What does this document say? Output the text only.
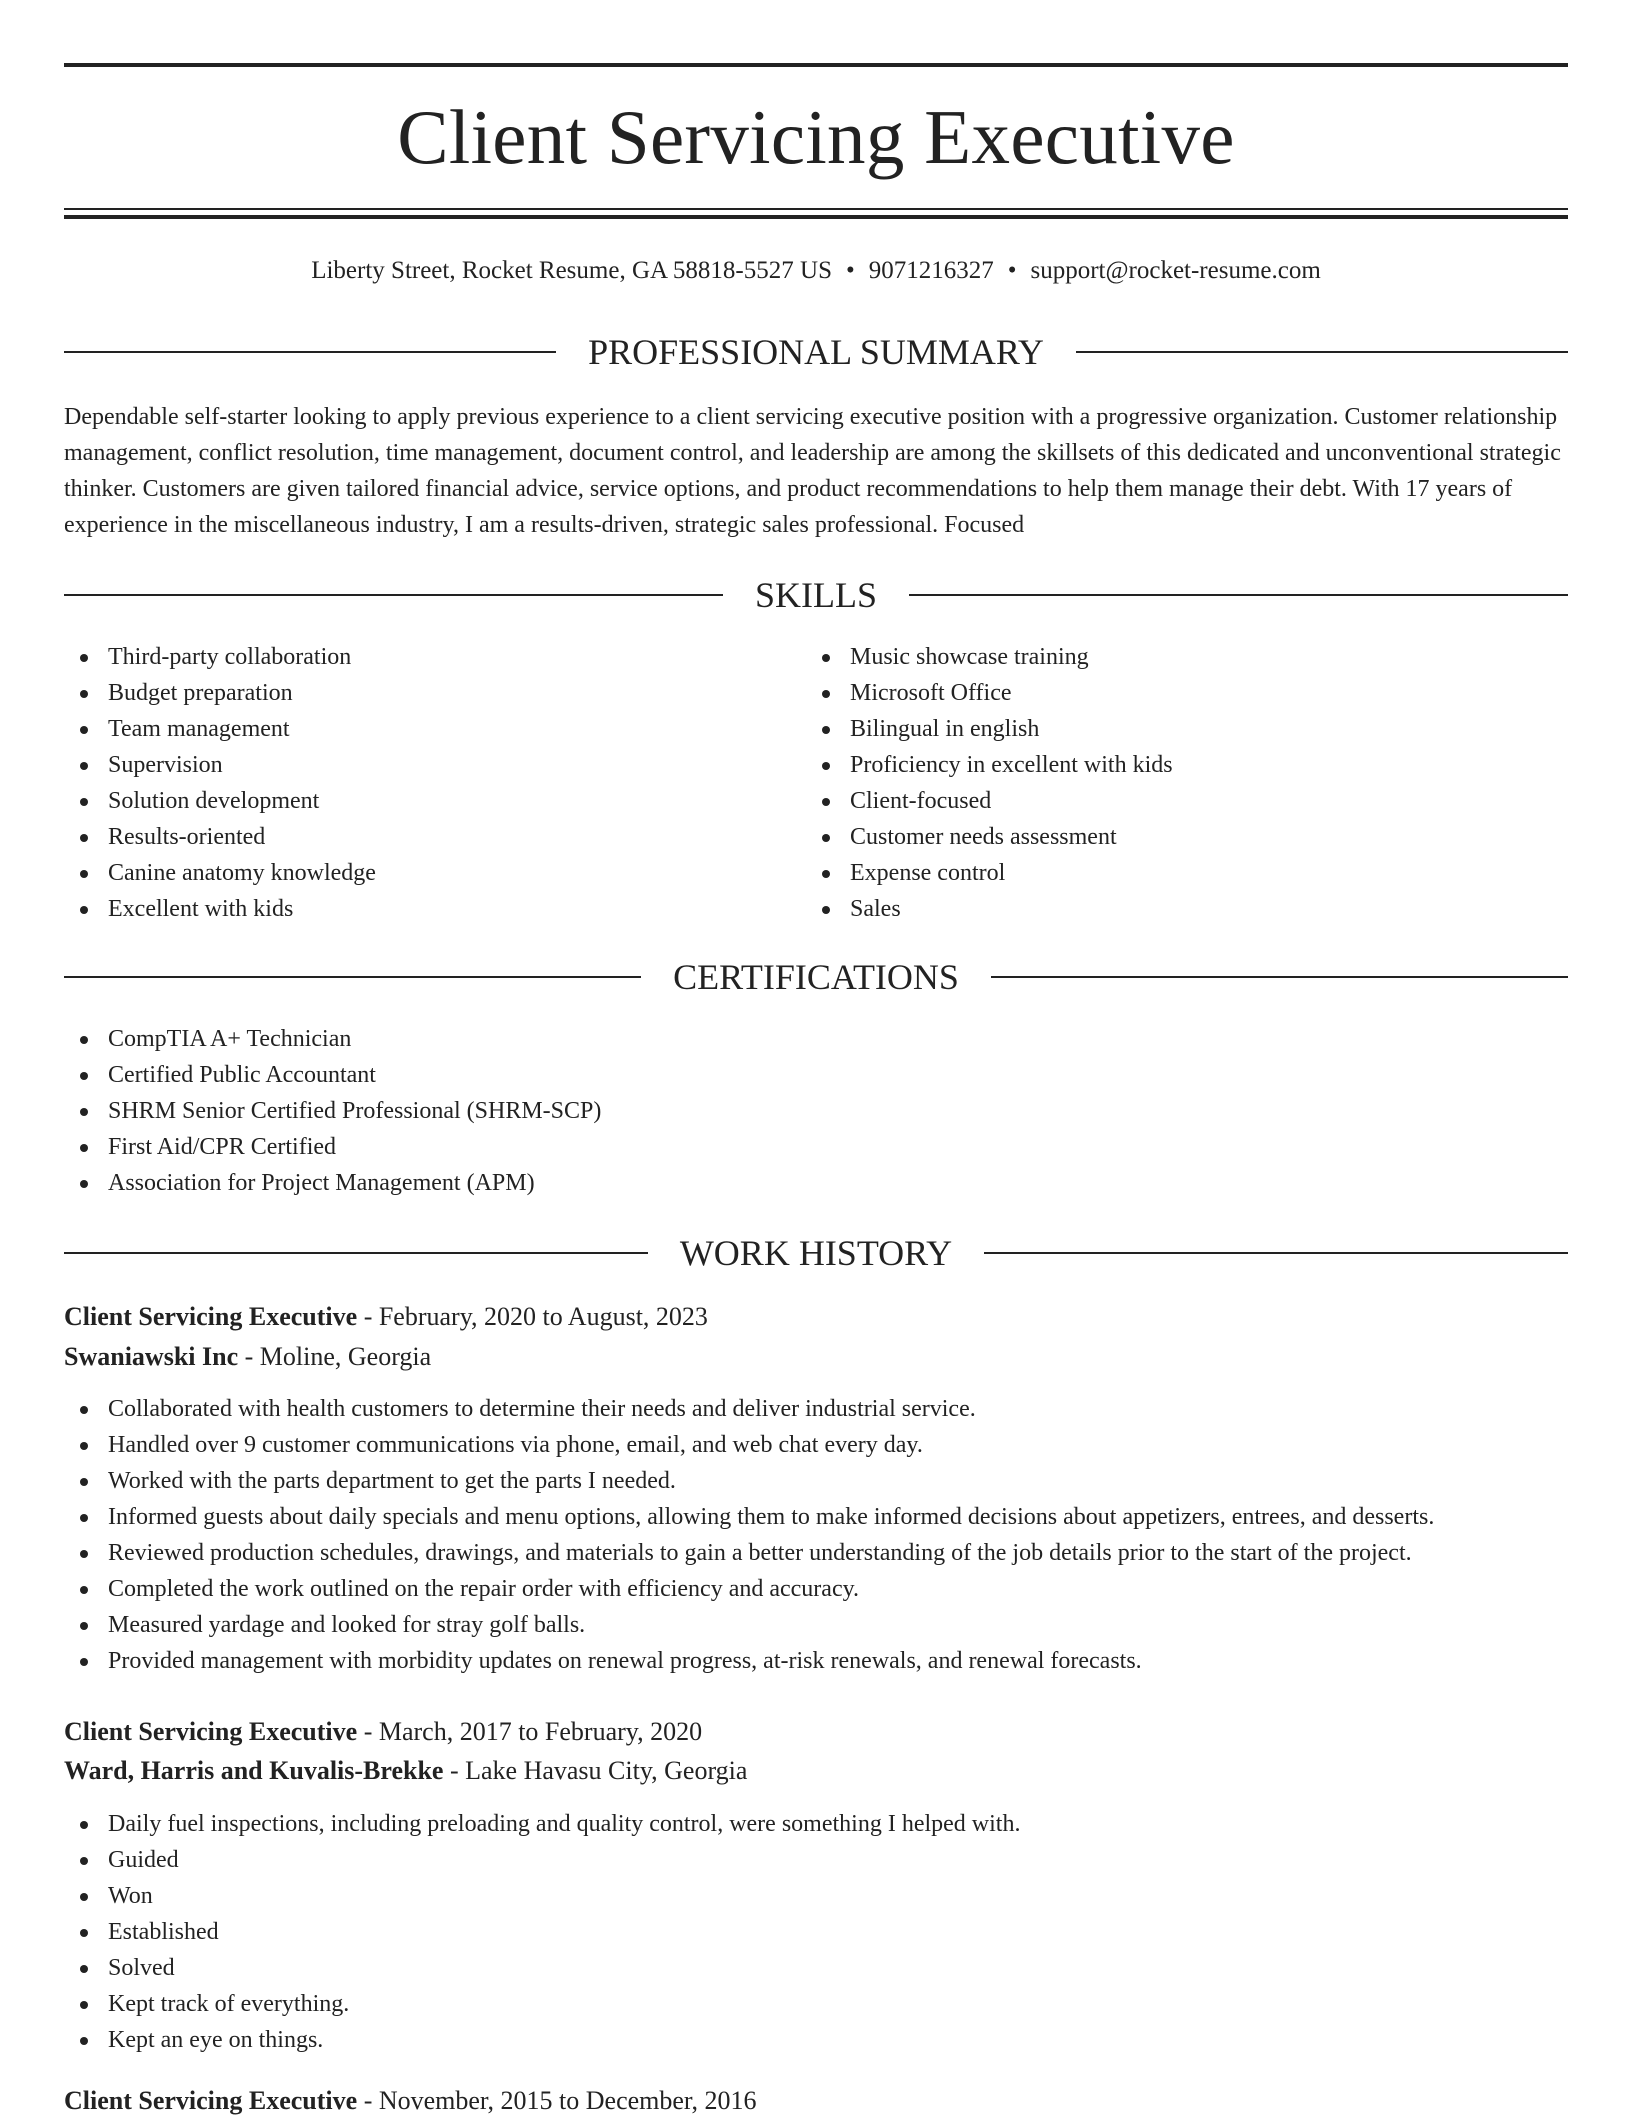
Client Servicing Executive
Liberty Street, Rocket Resume, GA 58818-5527 US • 9071216327 • support@rocket-resume.com
PROFESSIONAL SUMMARY

Dependable self-starter looking to apply previous experience to a client servicing executive position with a progressive organization. Customer relationship management, conflict resolution, time management, document control, and leadership are among the skillsets of this dedicated and unconventional strategic thinker. Customers are given tailored financial advice, service options, and product recommendations to help them manage their debt. With 17 years of experience in the miscellaneous industry, I am a results-driven, strategic sales professional. Focused

SKILLS
Third-party collaboration
Budget preparation
Team management
Supervision
Solution development
Results-oriented
Canine anatomy knowledge
Excellent with kids
Music showcase training
Microsoft Office
Bilingual in english
Proficiency in excellent with kids
Client-focused
Customer needs assessment
Expense control
Sales
CERTIFICATIONS
CompTIA A+ Technician
Certified Public Accountant
SHRM Senior Certified Professional (SHRM-SCP)
First Aid/CPR Certified
Association for Project Management (APM)
WORK HISTORY
Client Servicing Executive - February, 2020 to August, 2023
Swaniawski Inc - Moline, Georgia
Collaborated with health customers to determine their needs and deliver industrial service.
Handled over 9 customer communications via phone, email, and web chat every day.
Worked with the parts department to get the parts I needed.
Informed guests about daily specials and menu options, allowing them to make informed decisions about appetizers, entrees, and desserts.
Reviewed production schedules, drawings, and materials to gain a better understanding of the job details prior to the start of the project.
Completed the work outlined on the repair order with efficiency and accuracy.
Measured yardage and looked for stray golf balls.
Provided management with morbidity updates on renewal progress, at-risk renewals, and renewal forecasts.
Client Servicing Executive - March, 2017 to February, 2020
Ward, Harris and Kuvalis-Brekke - Lake Havasu City, Georgia
Daily fuel inspections, including preloading and quality control, were something I helped with.
Guided
Won
Established
Solved
Kept track of everything.
Kept an eye on things.
Client Servicing Executive - November, 2015 to December, 2016
